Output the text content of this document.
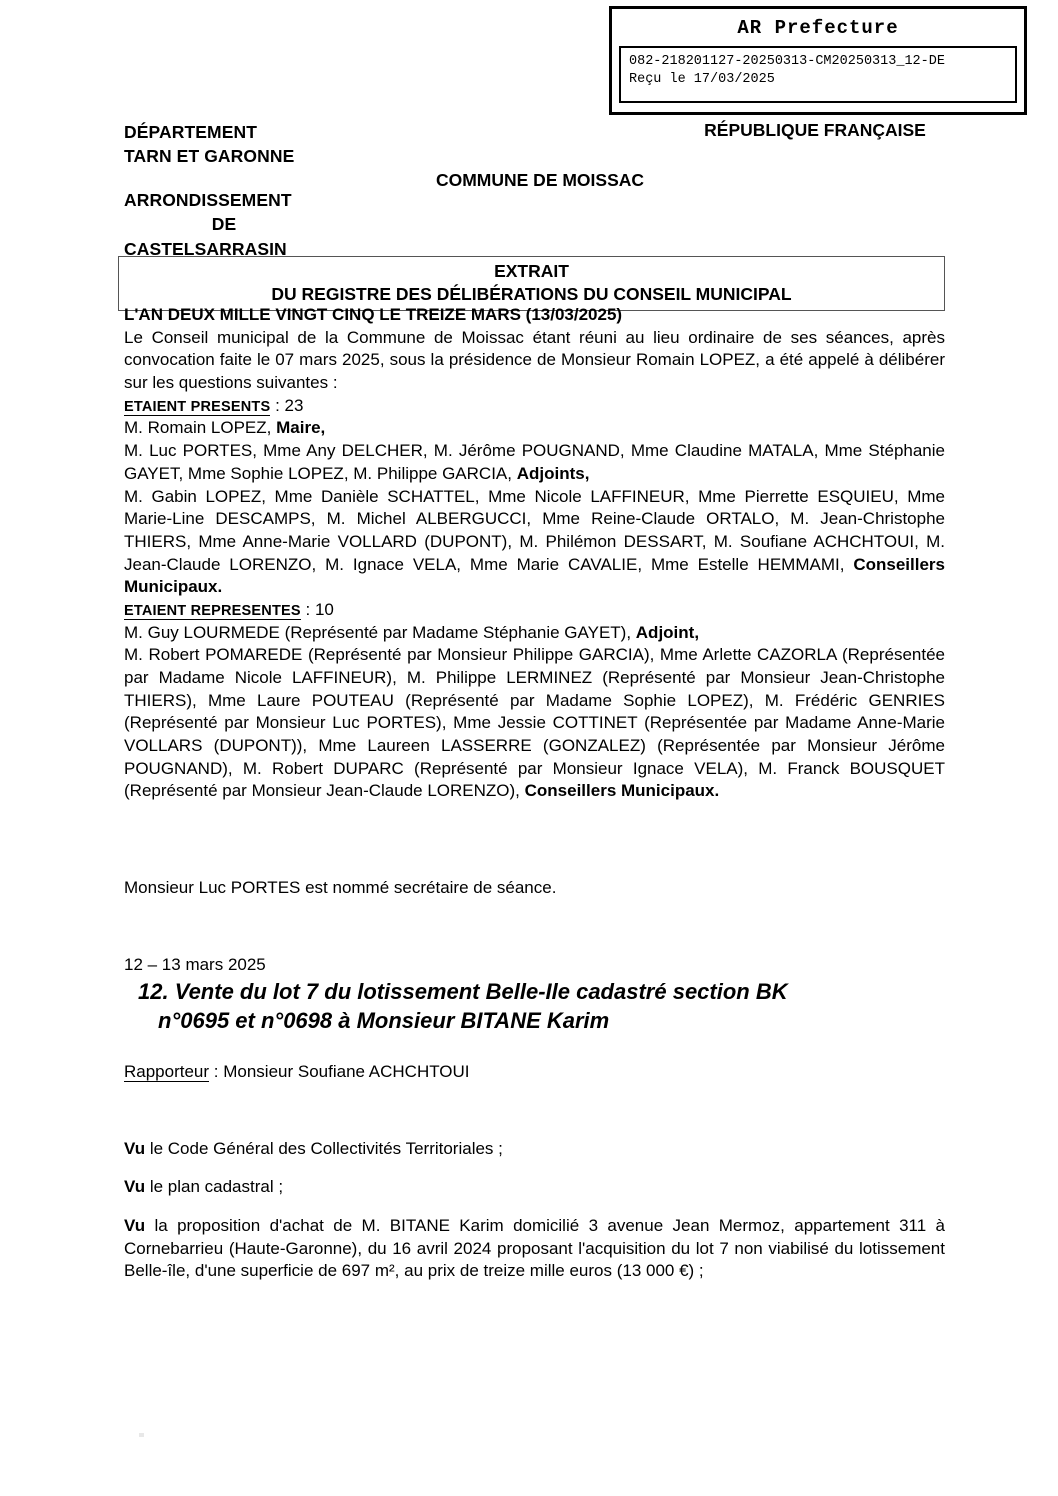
AR Prefecture
082-218201127-20250313-CM20250313_12-DE
Reçu le 17/03/2025
DÉPARTEMENT
TARN ET GARONNE
ARRONDISSEMENT
DE
CASTELSARRASIN
RÉPUBLIQUE FRANÇAISE
COMMUNE DE MOISSAC
EXTRAIT
DU REGISTRE DES DÉLIBÉRATIONS DU CONSEIL MUNICIPAL

L'AN DEUX MILLE VINGT CINQ LE TREIZE MARS (13/03/2025)

Le Conseil municipal de la Commune de Moissac étant réuni au lieu ordinaire de ses séances, après convocation faite le 07 mars 2025, sous la présidence de Monsieur Romain LOPEZ, a été appelé à délibérer sur les questions suivantes :

ETAIENT PRESENTS : 23

M. Romain LOPEZ, Maire,

M. Luc PORTES, Mme Any DELCHER, M. Jérôme POUGNAND, Mme Claudine MATALA, Mme Stéphanie GAYET, Mme Sophie LOPEZ, M. Philippe GARCIA, Adjoints,

M. Gabin LOPEZ, Mme Danièle SCHATTEL, Mme Nicole LAFFINEUR, Mme Pierrette ESQUIEU, Mme Marie-Line DESCAMPS, M. Michel ALBERGUCCI, Mme Reine-Claude ORTALO, M. Jean-Christophe THIERS, Mme Anne-Marie VOLLARD (DUPONT), M. Philémon DESSART, M. Soufiane ACHCHTOUI, M. Jean-Claude LORENZO, M. Ignace VELA, Mme Marie CAVALIE, Mme Estelle HEMMAMI, Conseillers Municipaux.

ETAIENT REPRESENTES : 10

M. Guy LOURMEDE (Représenté par Madame Stéphanie GAYET), Adjoint,

M. Robert POMAREDE (Représenté par Monsieur Philippe GARCIA), Mme Arlette CAZORLA (Représentée par Madame Nicole LAFFINEUR), M. Philippe LERMINEZ (Représenté par Monsieur Jean-Christophe THIERS), Mme Laure POUTEAU (Représenté par Madame Sophie LOPEZ), M. Frédéric GENRIES (Représenté par Monsieur Luc PORTES), Mme Jessie COTTINET (Représentée par Madame Anne-Marie VOLLARS (DUPONT)), Mme Laureen LASSERRE (GONZALEZ) (Représentée par Monsieur Jérôme POUGNAND), M. Robert DUPARC (Représenté par Monsieur Ignace VELA), M. Franck BOUSQUET (Représenté par Monsieur Jean-Claude LORENZO), Conseillers Municipaux.

Monsieur Luc PORTES est nommé secrétaire de séance.

12 – 13 mars 2025

12. Vente du lot 7 du lotissement Belle-Ile cadastré section BK
n°0695 et n°0698 à Monsieur BITANE Karim

Rapporteur : Monsieur Soufiane ACHCHTOUI

Vu le Code Général des Collectivités Territoriales ;

Vu le plan cadastral ;

Vu la proposition d'achat de M. BITANE Karim domicilié 3 avenue Jean Mermoz, appartement 311 à Cornebarrieu (Haute-Garonne), du 16 avril 2024 proposant l'acquisition du lot 7 non viabilisé du lotissement Belle-île, d'une superficie de 697 m², au prix de treize mille euros (13 000 €) ;
